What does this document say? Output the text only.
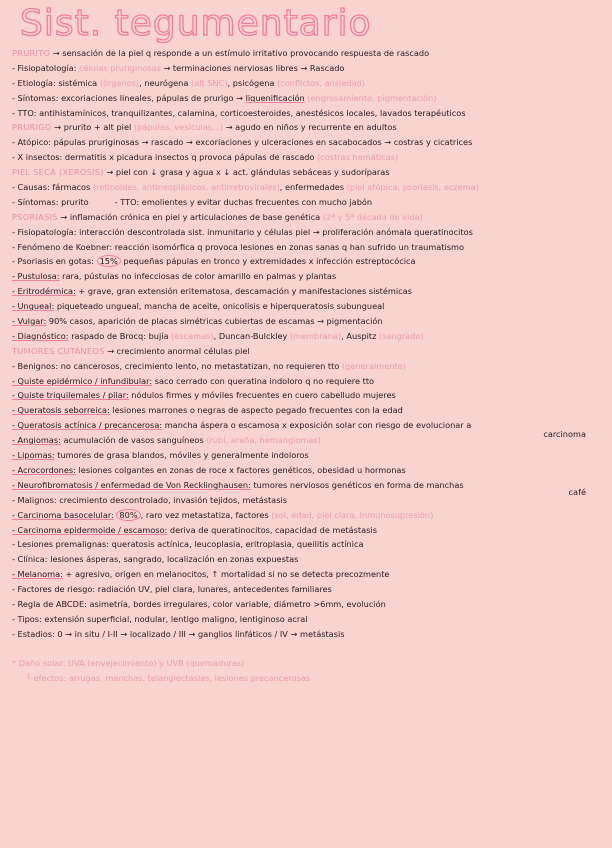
Sist. tegumentario
PRURITO → sensación de la piel q responde a un estímulo irritativo provocando respuesta de rascado
- Fisiopatología: células pruriginosas → terminaciones nerviosas libres → Rascado
- Etiología: sistémica (órganos), neurógena (alt SNC), psicógena (conflictos, ansiedad)
- Síntomas: excoriaciones lineales, pápulas de prurigo → liquenificación (engrosamiento, pigmentación)
- TTO: antihistamínicos, tranquilizantes, calamina, corticoesteroides, anestésicos locales, lavados terapéuticos
PRURIGO → prurito + alt piel (pápulas, vesículas...) → agudo en niños y recurrente en adultos
- Atópico: pápulas pruriginosas → rascado → excoriaciones y ulceraciones en sacabocados → costras y cicatrices
- X insectos: dermatitis x picadura insectos q provoca pápulas de rascado (costras hemáticas)
PIEL SECA (XEROSIS) → piel con ↓ grasa y agua x ↓ act. glándulas sebáceas y sudoríparas
- Causas: fármacos (retinoides, antineoplásicos, antirretrovirales), enfermedades (piel atópica, psoriasis, eczema)
- Síntomas: prurito	- TTO: emolientes y evitar duchas frecuentes con mucho jabón
PSORIASIS → inflamación crónica en piel y articulaciones de base genética (2ª y 5ª década de vida)
- Fisiopatología: interacción descontrolada sist. inmunitario y células piel → proliferación anómala queratinocitos
- Fenómeno de Koebner: reacción isomórfica q provoca lesiones en zonas sanas q han sufrido un traumatismo
- Psoriasis en gotas: 15% pequeñas pápulas en tronco y extremidades x infección estreptocócica
- Pustulosa: rara, pústulas no infecciosas de color amarillo en palmas y plantas
- Eritrodérmica: + grave, gran extensión eritematosa, descamación y manifestaciones sistémicas
- Ungueal: piqueteado ungueal, mancha de aceite, onicolisis e hiperqueratosis subungueal
- Vulgar: 90% casos, aparición de placas simétricas cubiertas de escamas → pigmentación
- Diagnóstico: raspado de Brocq: bujía (escamas), Duncan-Bulckley (membrana), Auspitz (sangrado)
TUMORES CUTÁNEOS → crecimiento anormal células piel
- Benignos: no cancerosos, crecimiento lento, no metastatizan, no requieren tto (generalmente)
- Quiste epidérmico / infundibular: saco cerrado con queratina indoloro q no requiere tto
- Quiste triquilemales / pilar: nódulos firmes y móviles frecuentes en cuero cabelludo mujeres
- Queratosis seborreica: lesiones marrones o negras de aspecto pegado frecuentes con la edad
- Queratosis actínica / precancerosa: mancha áspera o escamosa x exposición solar con riesgo de evolucionar a
- Angiomas: acumulación de vasos sanguíneos (rubí, araña, hemangiomas)
carcinoma
- Lipomas: tumores de grasa blandos, móviles y generalmente indoloros
- Acrocordones: lesiones colgantes en zonas de roce x factores genéticos, obesidad u hormonas
- Neurofibromatosis / enfermedad de Von Recklinghausen: tumores nerviosos genéticos en forma de manchas
- Malignos: crecimiento descontrolado, invasión tejidos, metástasis
café
- Carcinoma basocelular: 80% , raro vez metastatiza, factores (sol, edad, piel clara, inmunosupresión)
- Carcinoma epidermoide / escamoso: deriva de queratinocitos, capacidad de metástasis
- Lesiones premalignas: queratosis actínica, leucoplasia, eritroplasia, queilitis actínica
- Clínica: lesiones ásperas, sangrado, localización en zonas expuestas
- Melanoma: + agresivo, origen en melanocitos, ↑ mortalidad si no se detecta precozmente
- Factores de riesgo: radiación UV, piel clara, lunares, antecedentes familiares
- Regla de ABCDE: asimetría, bordes irregulares, color variable, diámetro >6mm, evolución
- Tipos: extensión superficial, nodular, lentigo maligno, lentiginoso acral
- Estadios: 0 → in situ / I-II → localizado / III → ganglios linfáticos / IV → metástasis
* Daño solar: UVA (envejecimiento) y UVB (quemaduras)
└ efectos: arrugas, manchas, telangiectasias, lesiones precancerosas
